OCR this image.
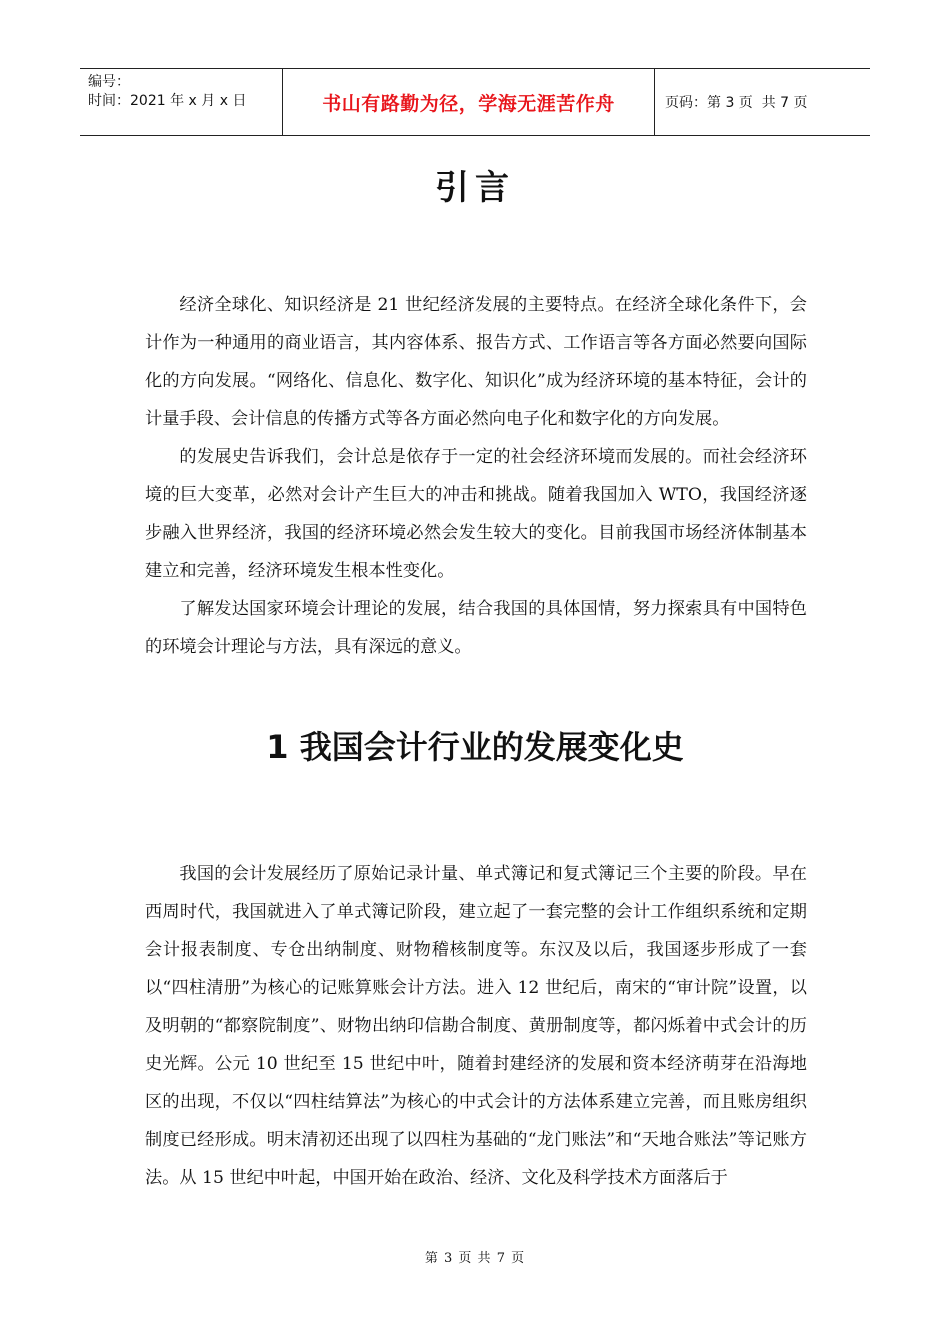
编号：
时间：2021 年 x 月 x 日	书山有路勤为径，学海无涯苦作舟	页码：第 3 页  共 7 页
引言

经济全球化、知识经济是 21 世纪经济发展的主要特点。在经济全球化条件下，会计作为一种通用的商业语言，其内容体系、报告方式、工作语言等各方面必然要向国际化的方向发展。“网络化、信息化、数字化、知识化”成为经济环境的基本特征，会计的计量手段、会计信息的传播方式等各方面必然向电子化和数字化的方向发展。

的发展史告诉我们，会计总是依存于一定的社会经济环境而发展的。而社会经济环境的巨大变革，必然对会计产生巨大的冲击和挑战。随着我国加入 WTO，我国经济逐步融入世界经济，我国的经济环境必然会发生较大的变化。目前我国市场经济体制基本建立和完善，经济环境发生根本性变化。

了解发达国家环境会计理论的发展，结合我国的具体国情，努力探索具有中国特色的环境会计理论与方法，具有深远的意义。

1 我国会计行业的发展变化史

我国的会计发展经历了原始记录计量、单式簿记和复式簿记三个主要的阶段。早在西周时代，我国就进入了单式簿记阶段，建立起了一套完整的会计工作组织系统和定期会计报表制度、专仓出纳制度、财物稽核制度等。东汉及以后，我国逐步形成了一套以“四柱清册”为核心的记账算账会计方法。进入 12 世纪后，南宋的“审计院”设置，以及明朝的“都察院制度”、财物出纳印信勘合制度、黄册制度等，都闪烁着中式会计的历史光辉。公元 10 世纪至 15 世纪中叶，随着封建经济的发展和资本经济萌芽在沿海地区的出现，不仅以“四柱结算法”为核心的中式会计的方法体系建立完善，而且账房组织制度已经形成。明末清初还出现了以四柱为基础的“龙门账法”和“天地合账法”等记账方法。从 15 世纪中叶起，中国开始在政治、经济、文化及科学技术方面落后于

第 3 页 共 7 页
